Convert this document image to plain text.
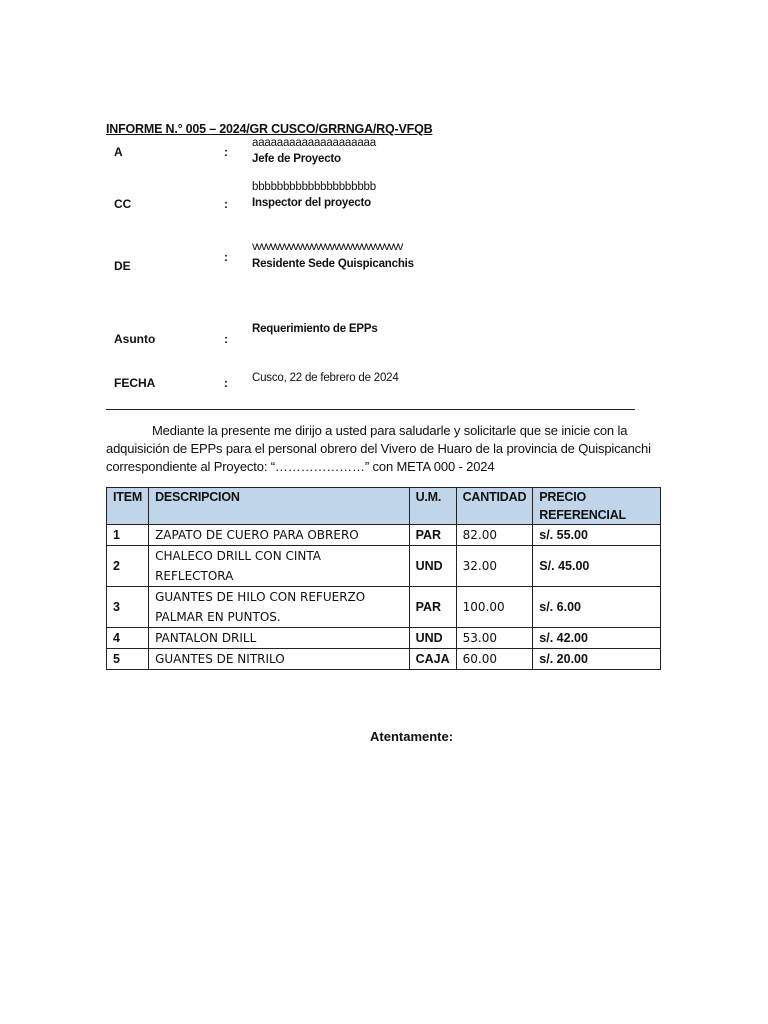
INFORME N.° 005 – 2024/GR CUSCO/GRRNGA/RQ-VFQB
A	:
aaaaaaaaaaaaaaaaaaaa
Jefe de Proyecto
CC	:
bbbbbbbbbbbbbbbbbbbb
Inspector del proyecto
DE
:
vvvvvvvvvvvvvvvvvvvvvvvvvvvvvvvvv
Residente Sede Quispicanchis
Asunto	:
Requerimiento de EPPs
FECHA	: Cusco, 22 de febrero de 2024
Mediante la presente me dirijo a usted para saludarle y solicitarle que se inicie con la adquisición de EPPs para el personal obrero del Vivero de Huaro de la provincia de Quispicanchi correspondiente al Proyecto: “…………………” con META 000 - 2024
ITEM	DESCRIPCION	U.M.	CANTIDAD	PRECIO
REFERENCIAL
1	ZAPATO DE CUERO PARA OBRERO	PAR	82.00	s/. 55.00
2	CHALECO DRILL CON CINTA REFLECTORA	UND	32.00	S/. 45.00
3	GUANTES DE HILO CON REFUERZO PALMAR EN PUNTOS.	PAR	100.00	s/. 6.00
4	PANTALON DRILL	UND	53.00	s/. 42.00
5	GUANTES DE NITRILO	CAJA	60.00	s/. 20.00
Atentamente:
